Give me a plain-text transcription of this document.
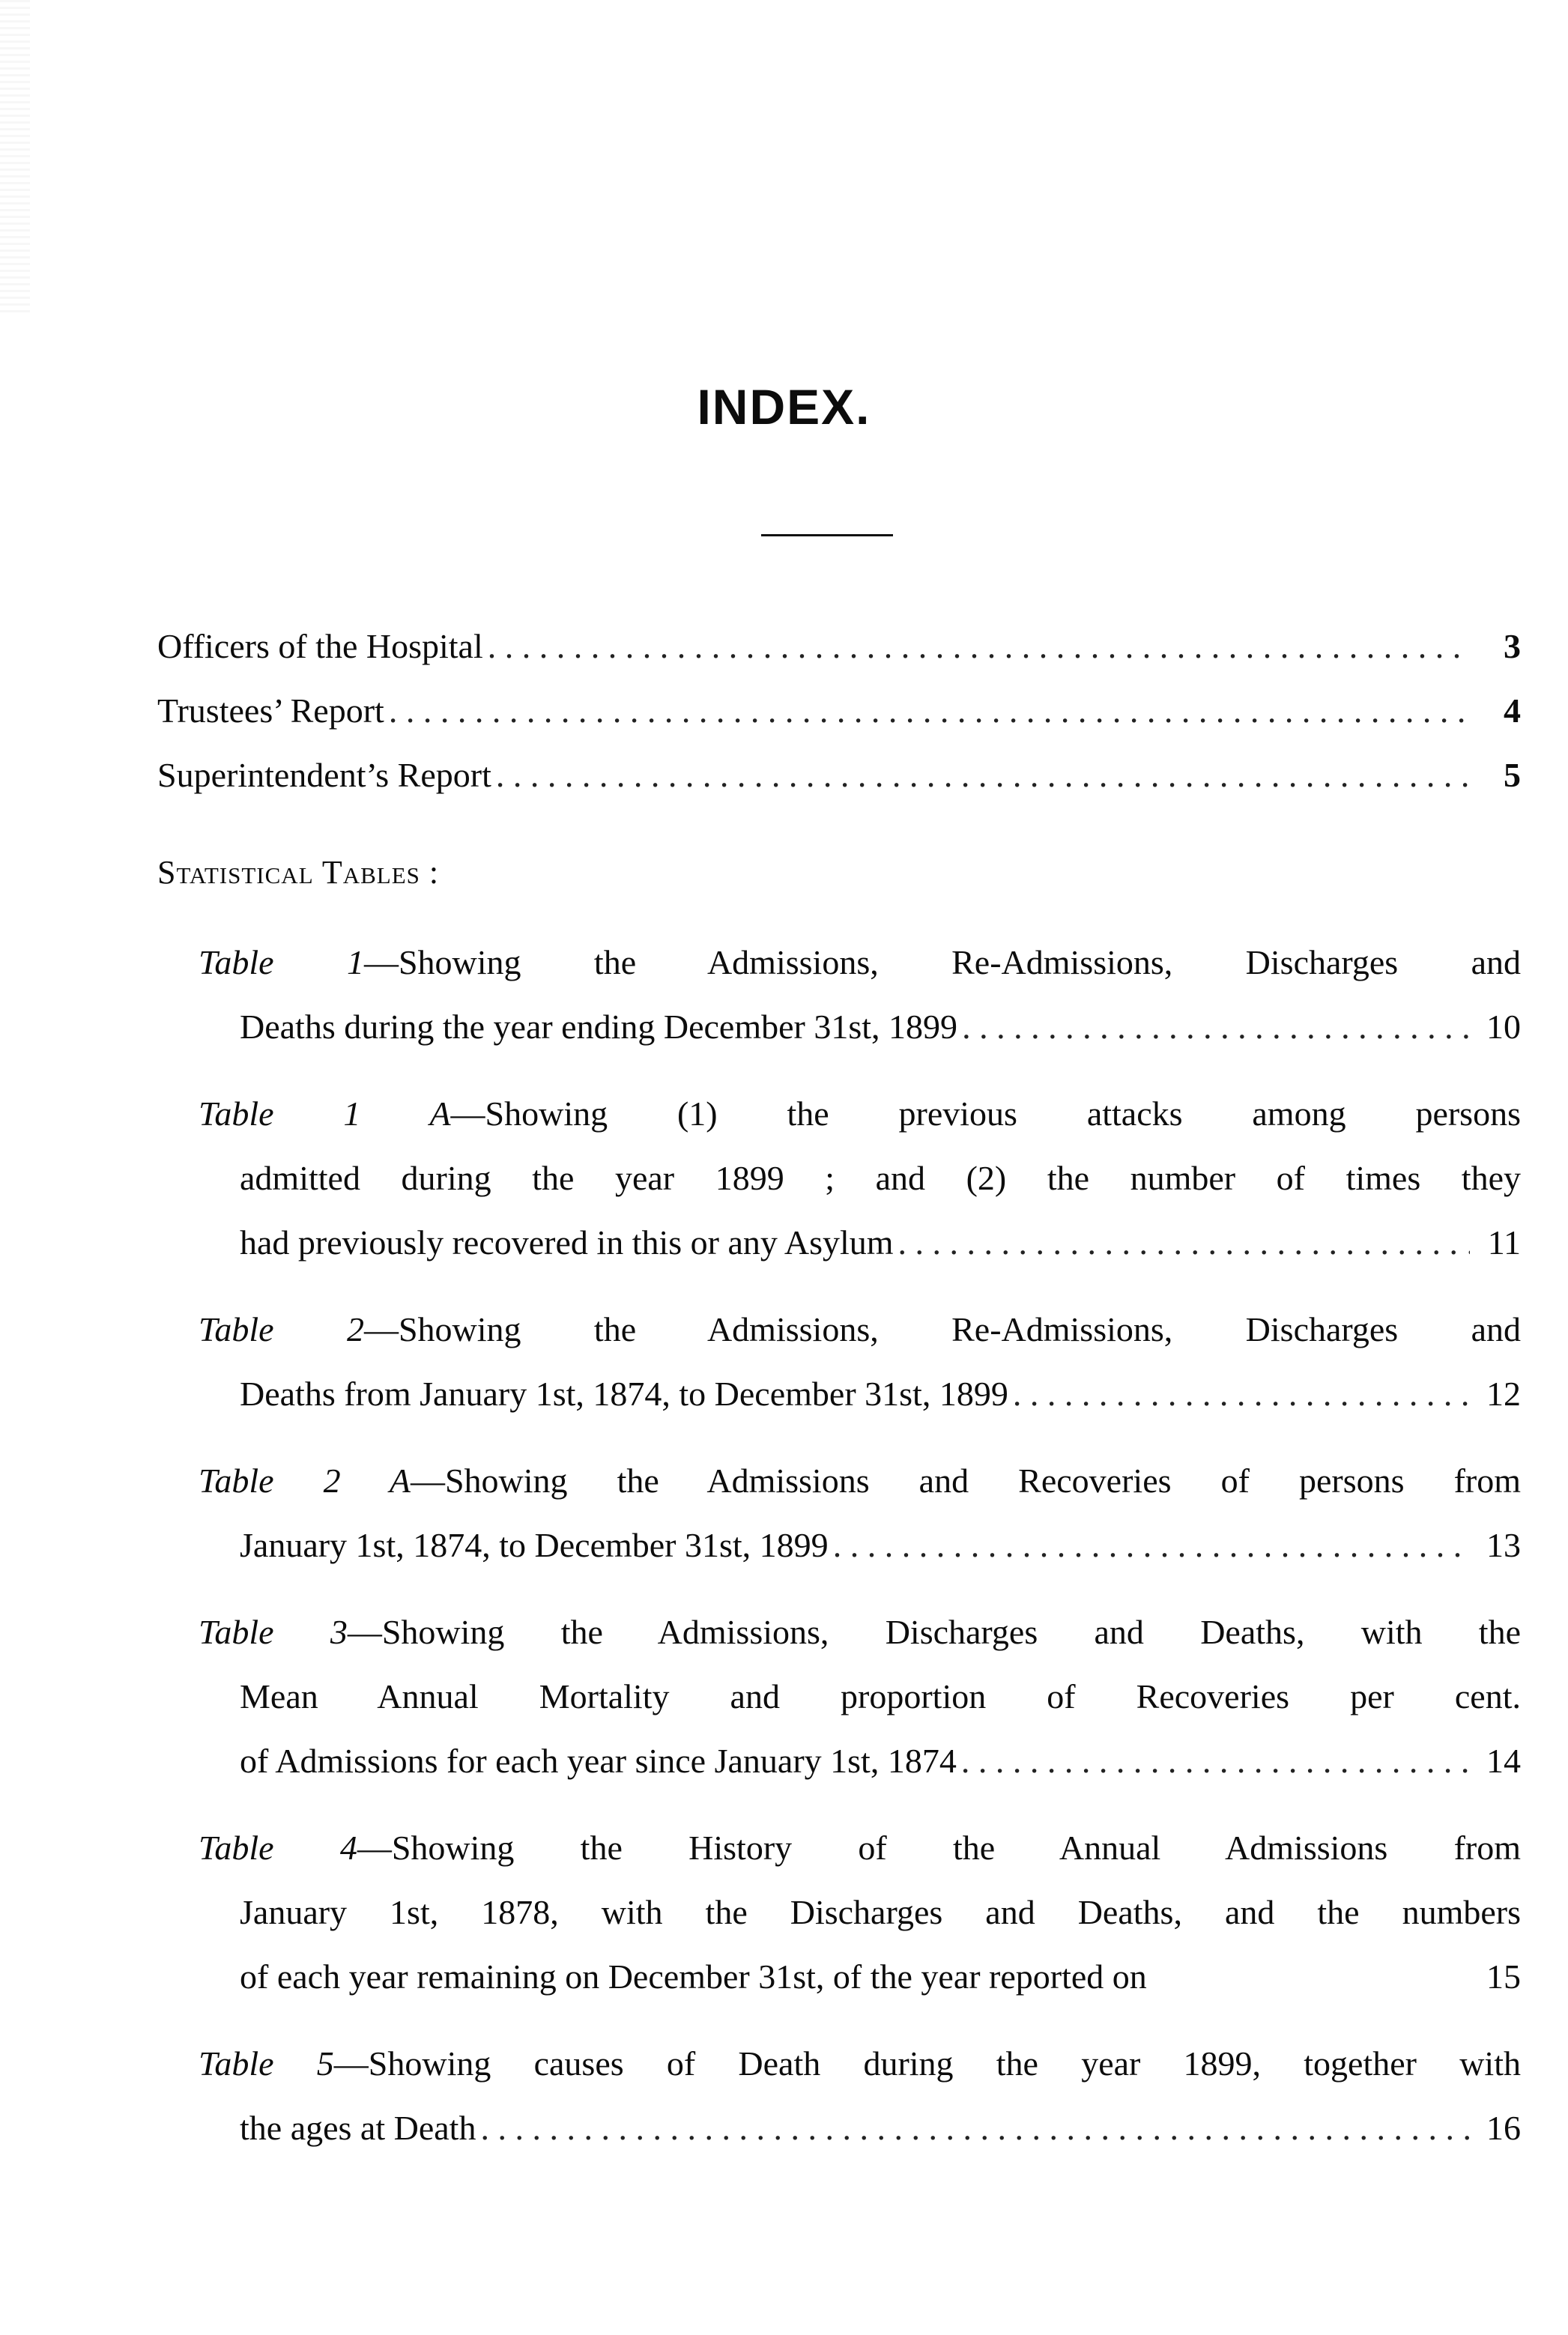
INDEX.
Officers of the Hospital . . .	3
Trustees’ Report . . .	4
Superintendent’s Report . . .	5
Statistical Tables :
Table 1—Showing the Admissions, Re-Admissions, Discharges and
Deaths during the year ending December 31st, 1899 . . .	10
Table 1 A—Showing (1) the previous attacks among persons
admitted during the year 1899 ; and (2) the number of times they
had previously recovered in this or any Asylum . . .	11
Table 2—Showing the Admissions, Re-Admissions, Discharges and
Deaths from January 1st, 1874, to December 31st, 1899 . . .	12
Table 2 A—Showing the Admissions and Recoveries of persons from
January 1st, 1874, to December 31st, 1899 . . .	13
Table 3—Showing the Admissions, Discharges and Deaths, with the
Mean Annual Mortality and proportion of Recoveries per cent.
of Admissions for each year since January 1st, 1874 . . .	14
Table 4—Showing the History of the Annual Admissions from
January 1st, 1878, with the Discharges and Deaths, and the numbers
of each year remaining on December 31st, of the year reported on	15
Table 5—Showing causes of Death during the year 1899, together with
the ages at Death . . .	16
